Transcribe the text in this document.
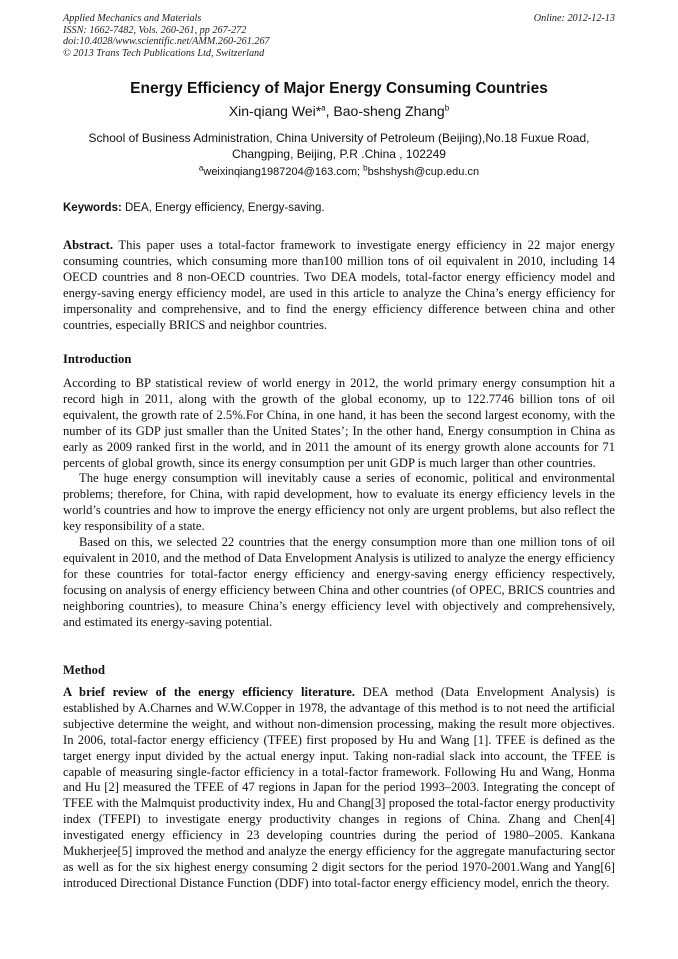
Applied Mechanics and Materials
ISSN: 1662-7482, Vols. 260-261, pp 267-272
doi:10.4028/www.scientific.net/AMM.260-261.267
© 2013 Trans Tech Publications Ltd, Switzerland
Online: 2012-12-13
Energy Efficiency of Major Energy Consuming Countries
Xin-qiang Wei*$^a$, Bao-sheng Zhang$^b$
School of Business Administration, China University of Petroleum (Beijing),No.18 Fuxue Road, Changping, Beijing, P.R .China , 102249
$^a$weixinqiang1987204@163.com; $^b$bshshysh@cup.edu.cn
Keywords: DEA, Energy efficiency, Energy-saving.

Abstract. This paper uses a total-factor framework to investigate energy efficiency in 22 major energy consuming countries, which consuming more than100 million tons of oil equivalent in 2010, including 14 OECD countries and 8 non-OECD countries. Two DEA models, total-factor energy efficiency model and energy-saving energy efficiency model, are used in this article to analyze the China’s energy efficiency for impersonality and comprehensive, and to find the energy efficiency difference between china and other countries, especially BRICS and neighbor countries.

Introduction

According to BP statistical review of world energy in 2012, the world primary energy consumption hit a record high in 2011, along with the growth of the global economy, up to 122.7746 billion tons of oil equivalent, the growth rate of 2.5%.For China, in one hand, it has been the second largest economy, with the number of its GDP just smaller than the United States’; In the other hand, Energy consumption in China as early as 2009 ranked first in the world, and in 2011 the amount of its energy growth alone accounts for 71 percents of global growth, since its energy consumption per unit GDP is much larger than other countries.

The huge energy consumption will inevitably cause a series of economic, political and environmental problems; therefore, for China, with rapid development, how to evaluate its energy efficiency levels in the world’s countries and how to improve the energy efficiency not only are urgent problems, but also reflect the key responsibility of a state.

Based on this, we selected 22 countries that the energy consumption more than one million tons of oil equivalent in 2010, and the method of Data Envelopment Analysis is utilized to analyze the energy efficiency for these countries for total-factor energy efficiency and energy-saving energy efficiency respectively, focusing on analysis of energy efficiency between China and other countries (of OPEC, BRICS countries and neighboring countries), to measure China’s energy efficiency level with objectively and comprehensively, and estimated its energy-saving potential.

Method

A brief review of the energy efficiency literature. DEA method (Data Envelopment Analysis) is established by A.Charnes and W.W.Copper in 1978, the advantage of this method is to not need the artificial subjective determine the weight, and without non-dimension processing, making the result more objectives. In 2006, total-factor energy efficiency (TFEE) first proposed by Hu and Wang [1]. TFEE is defined as the target energy input divided by the actual energy input. Taking non-radial slack into account, the TFEE is capable of measuring single-factor efficiency in a total-factor framework. Following Hu and Wang, Honma and Hu [2] measured the TFEE of 47 regions in Japan for the period 1993–2003. Integrating the concept of TFEE with the Malmquist productivity index, Hu and Chang[3] proposed the total-factor energy productivity index (TFEPI) to investigate energy productivity changes in regions of China. Zhang and Chen[4] investigated energy efficiency in 23 developing countries during the period of 1980–2005. Kankana Mukherjee[5] improved the method and analyze the energy efficiency for the aggregate manufacturing sector as well as for the six highest energy consuming 2 digit sectors for the period 1970-2001.Wang and Yang[6] introduced Directional Distance Function (DDF) into total-factor energy efficiency model, enrich the theory.
